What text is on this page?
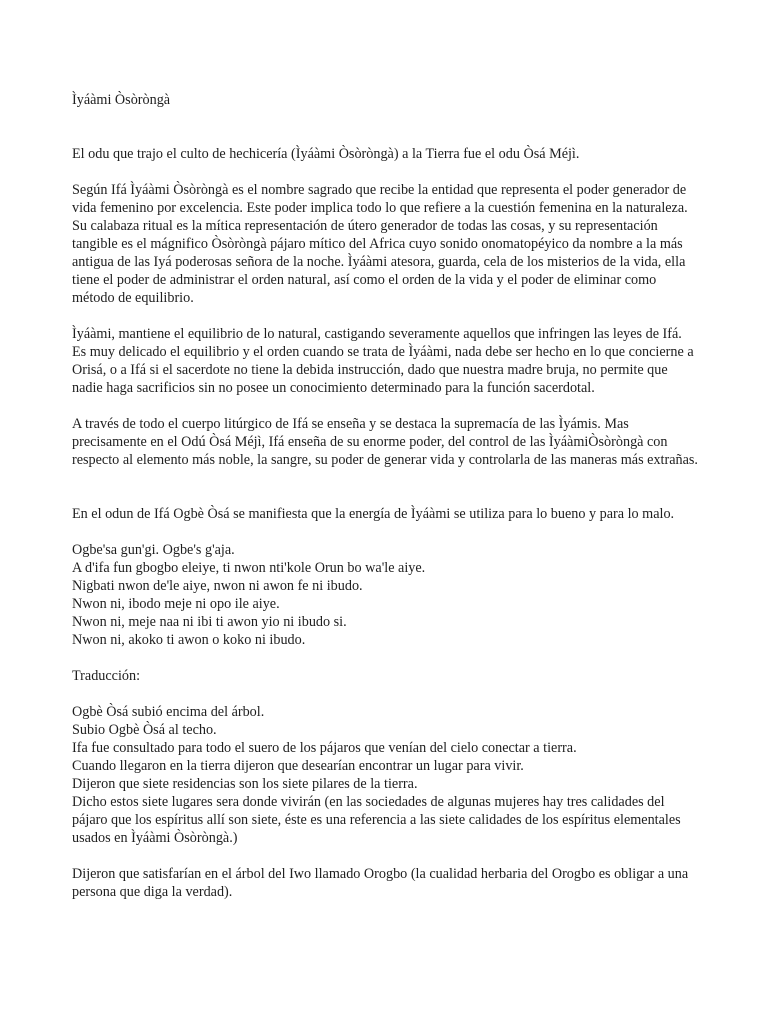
Ìyáàmi Òsòròngà

El odu que trajo el culto de hechicería (Ìyáàmi Òsòròngà) a la Tierra fue el odu Òsá Méjì.

Según Ifá Ìyáàmi Òsòròngà es el nombre sagrado que recibe la entidad que representa el poder generador de vida femenino por excelencia. Este poder implica todo lo que refiere a la cuestión femenina en la naturaleza. Su calabaza ritual es la mítica representación de útero generador de todas las cosas, y su representación tangible es el mágnifico Òsòròngà pájaro mítico del Africa cuyo sonido onomatopéyico da nombre a la más antigua de las Iyá poderosas señora de la noche. Ìyáàmi atesora, guarda, cela de los misterios de la vida, ella tiene el poder de administrar el orden natural, así como el orden de la vida y el poder de eliminar como método de equilibrio.

Ìyáàmi, mantiene el equilibrio de lo natural, castigando severamente aquellos que infringen las leyes de Ifá. Es muy delicado el equilibrio y el orden cuando se trata de Ìyáàmi, nada debe ser hecho en lo que concierne a Orisá, o a Ifá si el sacerdote no tiene la debida instrucción, dado que nuestra madre bruja, no permite que nadie haga sacrificios sin no posee un conocimiento determinado para la función sacerdotal.

A través de todo el cuerpo litúrgico de Ifá se enseña y se destaca la supremacía de las Ìyámis. Mas precisamente en el Odú Òsá Méjì, Ifá enseña de su enorme poder, del control de las ÌyáàmiÒsòròngà con respecto al elemento más noble, la sangre, su poder de generar vida y controlarla de las maneras más extrañas.

En el odun de Ifá Ogbè Òsá se manifiesta que la energía de Ìyáàmi se utiliza para lo bueno y para lo malo.

Ogbe'sa gun'gi. Ogbe's g'aja.
A d'ifa fun gbogbo eleiye, ti nwon nti'kole Orun bo wa'le aiye.
Nigbati nwon de'le aiye, nwon ni awon fe ni ibudo.
Nwon ni, ibodo meje ni opo ile aiye.
Nwon ni, meje naa ni ibi ti awon yio ni ibudo si.
Nwon ni, akoko ti awon o koko ni ibudo.

Traducción:

Ogbè Òsá subió encima del árbol.
Subio Ogbè Òsá al techo.
Ifa fue consultado para todo el suero de los pájaros que venían del cielo conectar a tierra.
Cuando llegaron en la tierra dijeron que desearían encontrar un lugar para vivir.
Dijeron que siete residencias son los siete pilares de la tierra.
Dicho estos siete lugares sera donde vivirán (en las sociedades de algunas mujeres hay tres calidades del pájaro que los espíritus allí son siete, éste es una referencia a las siete calidades de los espíritus elementales usados en Ìyáàmi Òsòròngà.)

Dijeron que satisfarían en el árbol del Iwo llamado Orogbo (la cualidad herbaria del Orogbo es obligar a una persona que diga la verdad).
